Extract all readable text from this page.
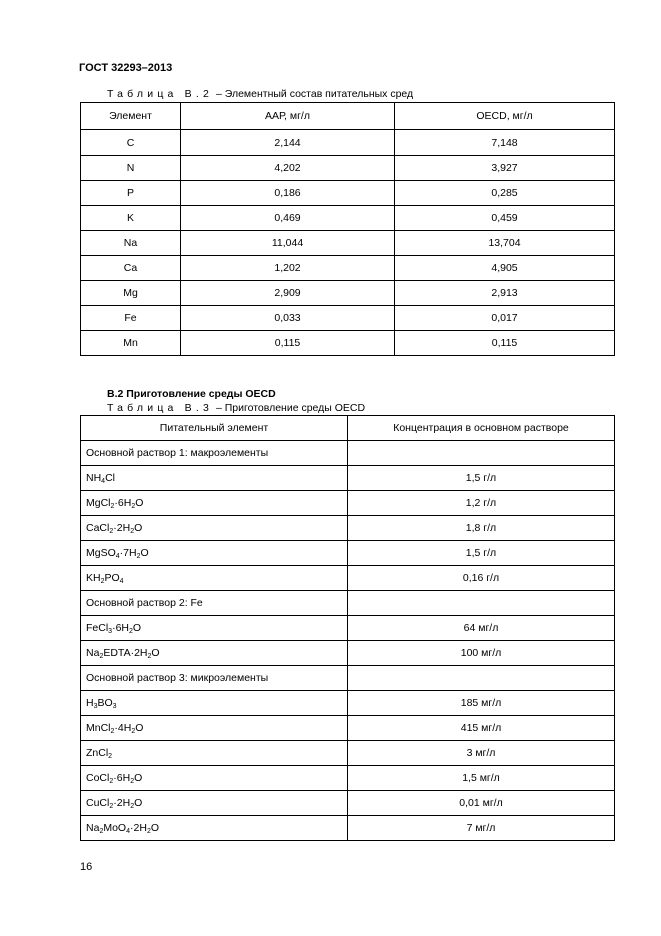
ГОСТ 32293–2013
Таблица В.2 – Элементный состав питательных сред
Элемент	ААР, мг/л	OECD, мг/л
C	2,144	7,148
N	4,202	3,927
P	0,186	0,285
K	0,469	0,459
Na	11,044	13,704
Ca	1,202	4,905
Mg	2,909	2,913
Fe	0,033	0,017
Mn	0,115	0,115
В.2 Приготовление среды OECD
Таблица В.3 – Приготовление среды OECD
Питательный элемент	Концентрация в основном растворе
Основной раствор 1: макроэлементы	
$NH_4Cl$	1,5 г/л
$MgCl_2\cdot 6H_2O$	1,2 г/л
$CaCl_2\cdot 2H_2O$	1,8 г/л
$MgSO_4\cdot 7H_2O$	1,5 г/л
$KH_2PO_4$	0,16 г/л
Основной раствор 2: Fe	
$FeCl_3\cdot 6H_2O$	64 мг/л
$Na_2EDTA\cdot 2H_2O$	100 мг/л
Основной раствор 3: микроэлементы	
$H_3BO_3$	185 мг/л
$MnCl_2\cdot 4H_2O$	415 мг/л
ZnCl$_2$	3 мг/л
$CoCl_2\cdot 6H_2O$	1,5 мг/л
$CuCl_2\cdot 2H_2O$	0,01 мг/л
$Na_2MoO_4\cdot 2H_2O$	7 мг/л
16
